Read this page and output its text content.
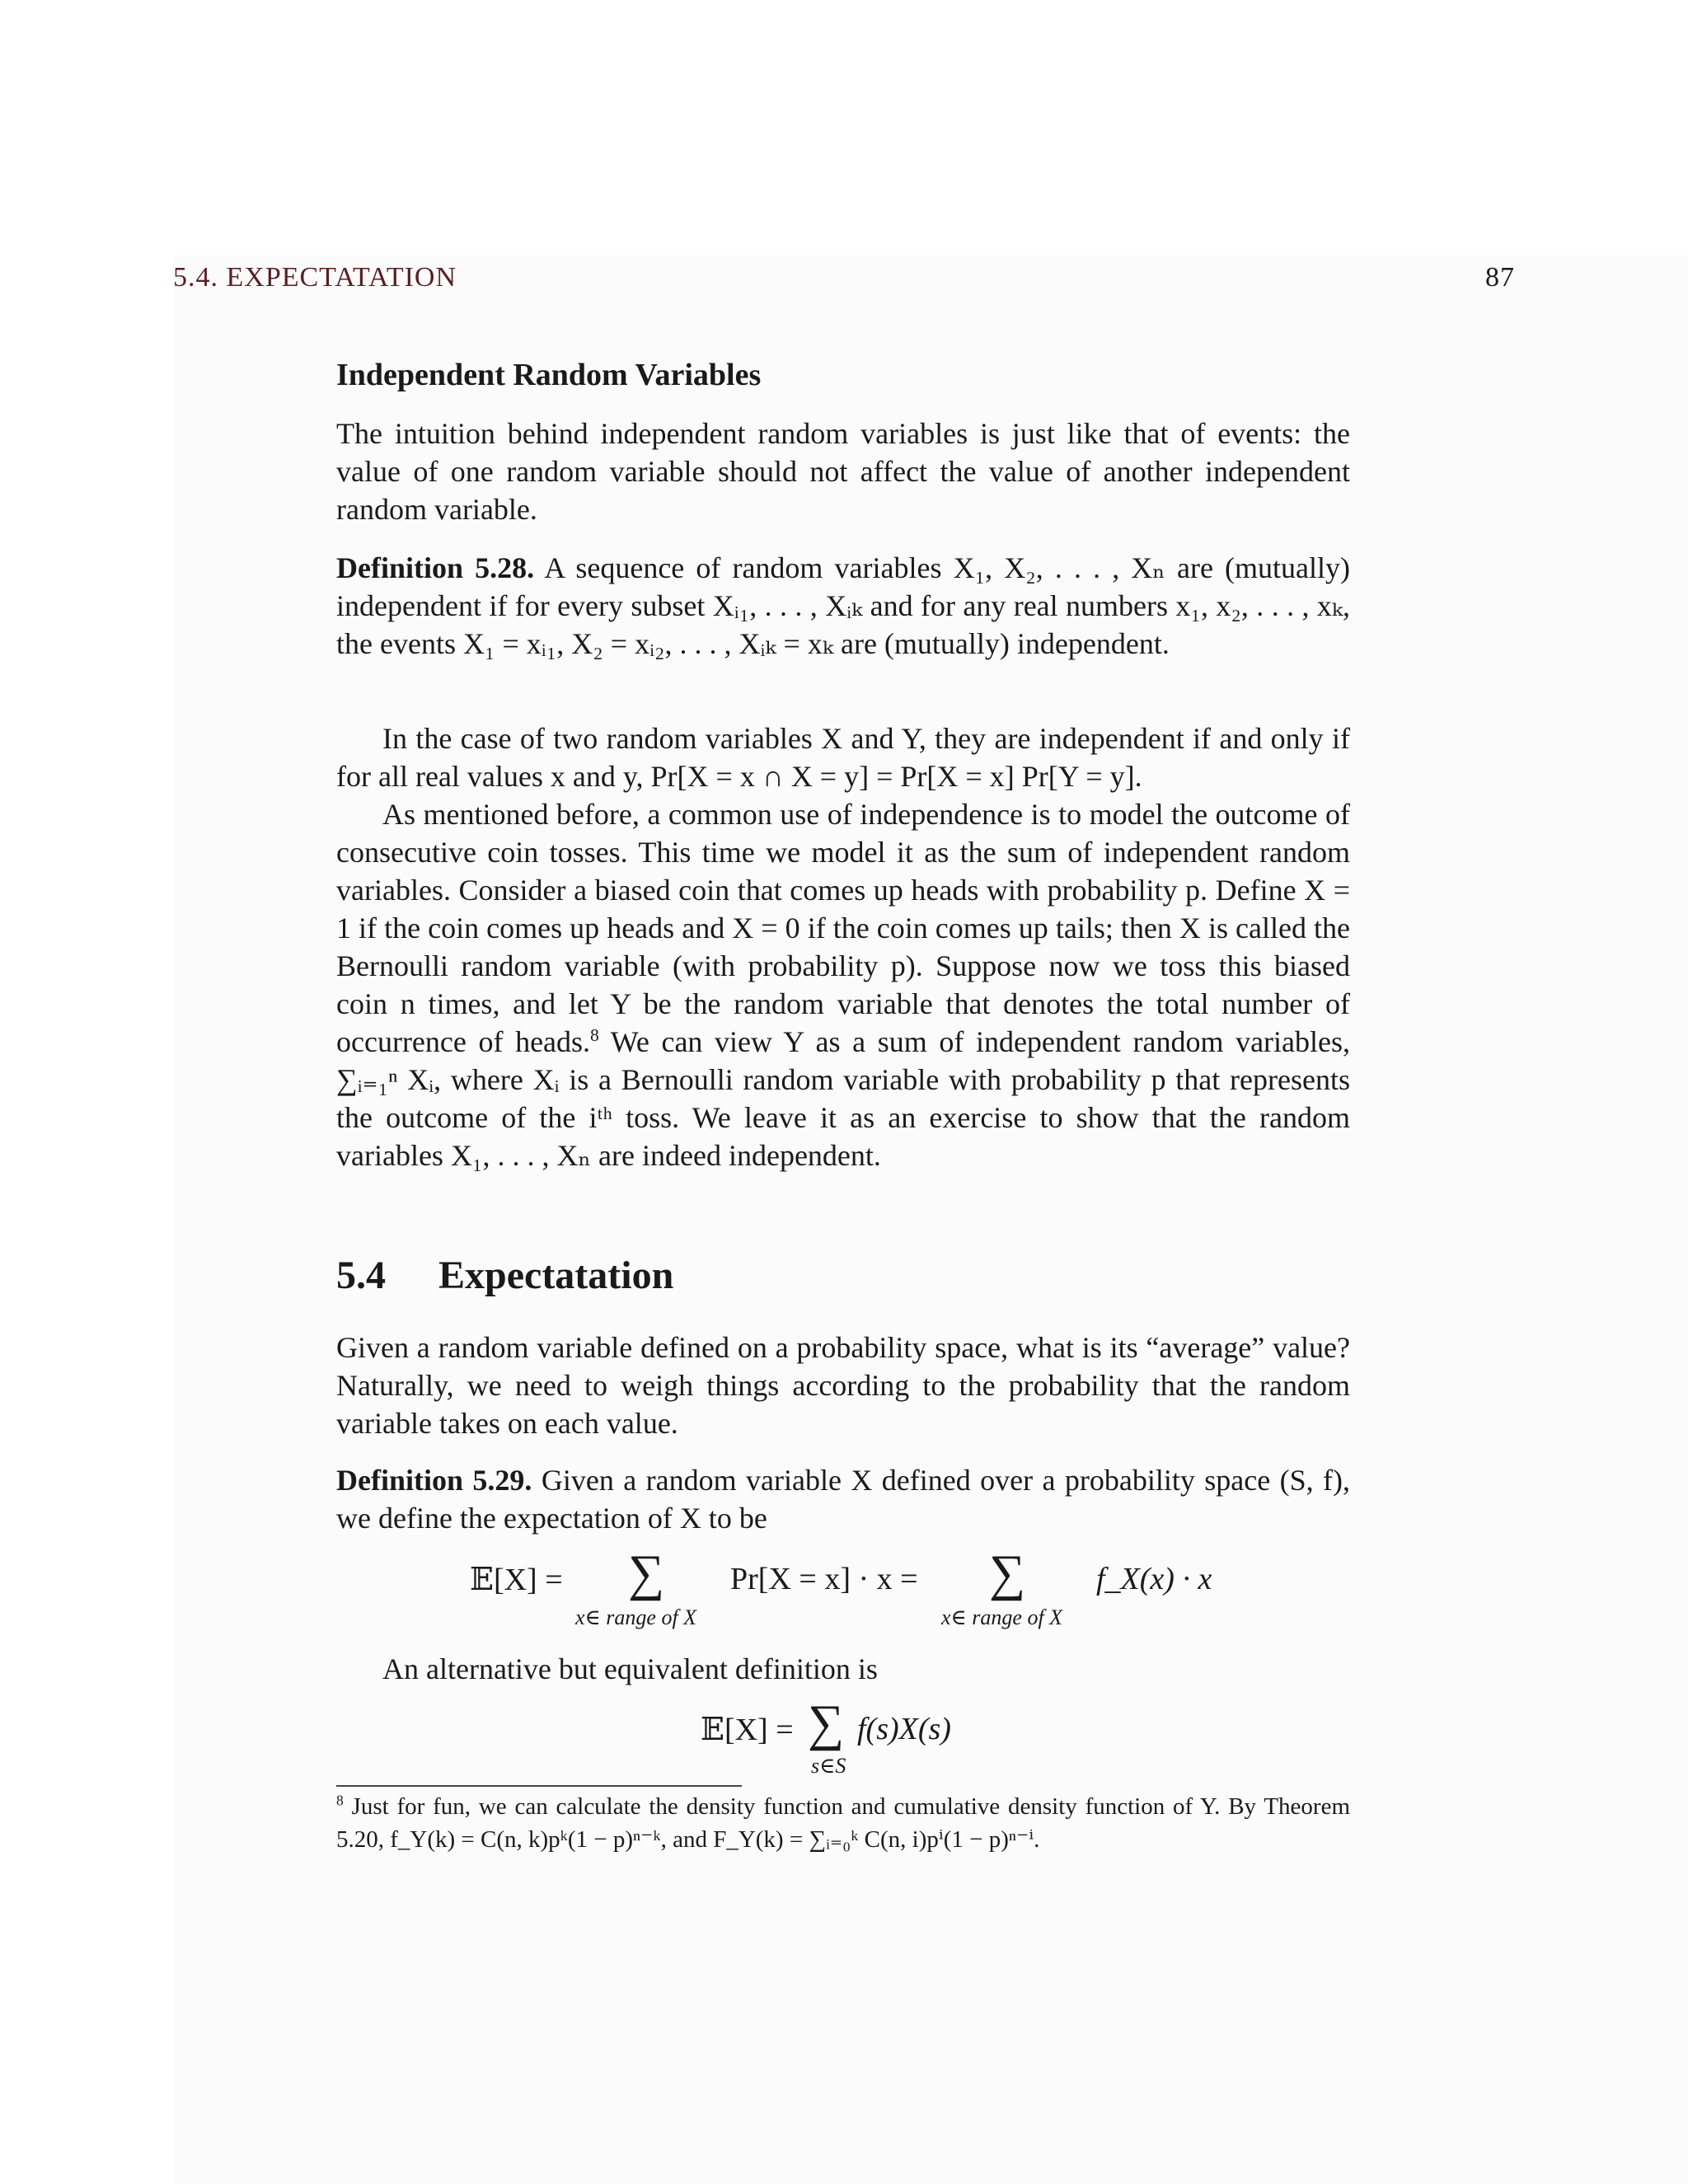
5.4. EXPECTATATION	87
Independent Random Variables
The intuition behind independent random variables is just like that of events: the value of one random variable should not affect the value of another independent random variable.
Definition 5.28. A sequence of random variables X₁, X₂, . . . , Xₙ are (mutually) independent if for every subset Xᵢ₁, . . . , Xᵢₖ and for any real numbers x₁, x₂, . . . , xₖ, the events X₁ = xᵢ₁, X₂ = xᵢ₂, . . . , Xᵢₖ = xₖ are (mutually) independent.
In the case of two random variables X and Y, they are independent if and only if for all real values x and y, Pr[X = x ∩ X = y] = Pr[X = x] Pr[Y = y].
As mentioned before, a common use of independence is to model the outcome of consecutive coin tosses. This time we model it as the sum of independent random variables. Consider a biased coin that comes up heads with probability p. Define X = 1 if the coin comes up heads and X = 0 if the coin comes up tails; then X is called the Bernoulli random variable (with probability p). Suppose now we toss this biased coin n times, and let Y be the random variable that denotes the total number of occurrence of heads.$^8$ We can view Y as a sum of independent random variables, ∑ᵢ₌₁ⁿ Xᵢ, where Xᵢ is a Bernoulli random variable with probability p that represents the outcome of the iᵗʰ toss. We leave it as an exercise to show that the random variables X₁, . . . , Xₙ are indeed independent.
5.4 Expectatation
Given a random variable defined on a probability space, what is its “average” value? Naturally, we need to weigh things according to the probability that the random variable takes on each value.
Definition 5.29. Given a random variable X defined over a probability space (S, f), we define the expectation of X to be
𝔼[X] = ∑
x∈ range of X
Pr[X = x] · x = ∑
x∈ range of X
f_X(x) · x
An alternative but equivalent definition is
𝔼[X] = ∑
s∈S
f(s)X(s)
$^8$ Just for fun, we can calculate the density function and cumulative density function of Y. By Theorem 5.20, f_Y(k) = C(n, k)pᵏ(1 − p)ⁿ⁻ᵏ, and F_Y(k) = ∑ᵢ₌₀ᵏ C(n, i)pⁱ(1 − p)ⁿ⁻ⁱ.
